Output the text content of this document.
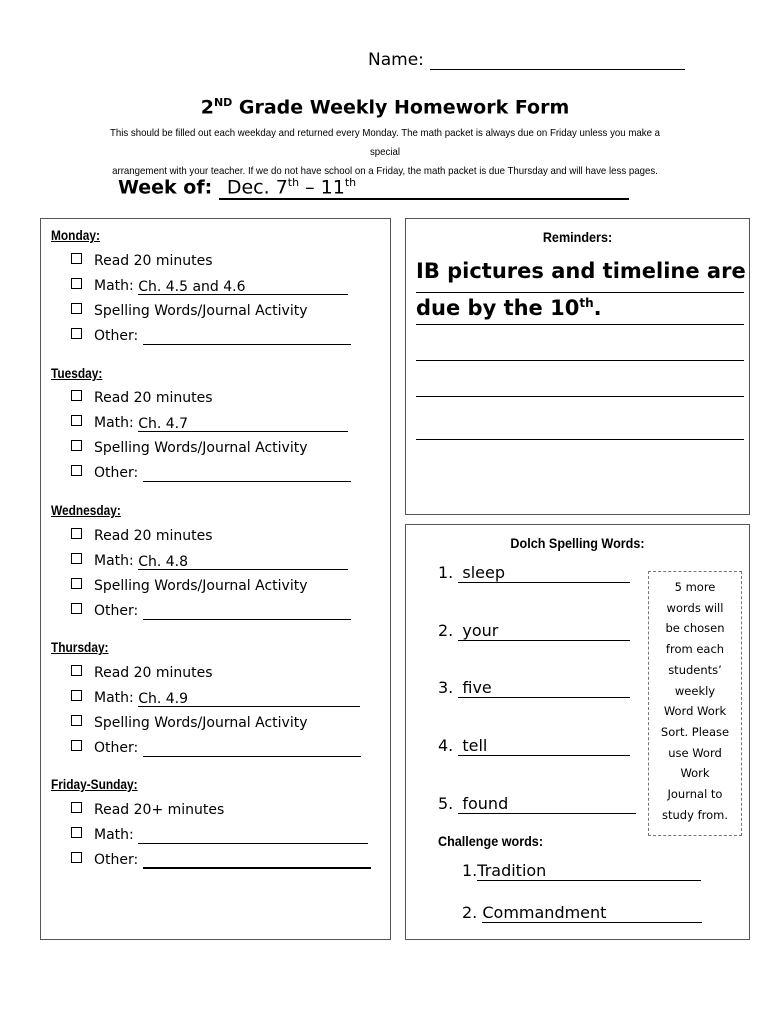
Name:
2ND Grade Weekly Homework Form
This should be filled out each weekday and returned every Monday. The math packet is always due on Friday unless you make a special
arrangement with your teacher. If we do not have school on a Friday, the math packet is due Thursday and will have less pages.
Week of: Dec. 7th – 11th
Monday:
Read 20 minutes
Math: Ch. 4.5 and 4.6
Spelling Words/Journal Activity
Other:
Tuesday:
Read 20 minutes
Math: Ch. 4.7
Spelling Words/Journal Activity
Other:
Wednesday:
Read 20 minutes
Math: Ch. 4.8
Spelling Words/Journal Activity
Other:
Thursday:
Read 20 minutes
Math: Ch. 4.9
Spelling Words/Journal Activity
Other:
Friday-Sunday:
Read 20+ minutes
Math:
Other:
Reminders:
IB pictures and timeline are
due by the 10th.
Dolch Spelling Words:
1. sleep
2. your
3. five
4. tell
5. found
5 more
words will
be chosen
from each
students’
weekly
Word Work
Sort. Please
use Word
Work
Journal to
study from.
Challenge words:
1.Tradition
2. Commandment
